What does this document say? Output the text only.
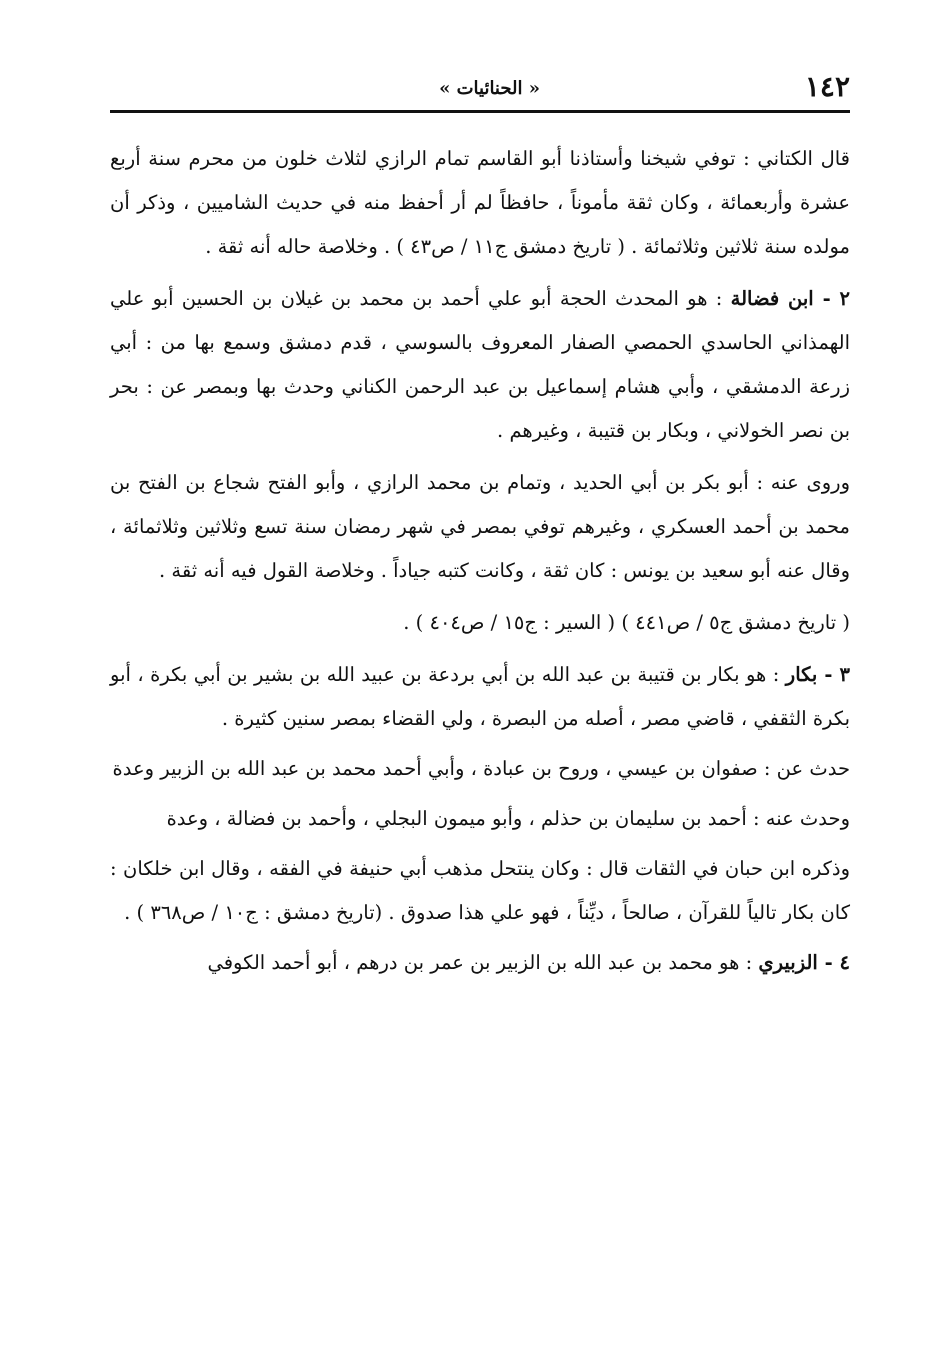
١٤٢
« الحنائيات »

قال الكتاني : توفي شيخنا وأستاذنا أبو القاسم تمام الرازي لثلاث خلون من محرم سنة أربع عشرة وأربعمائة ، وكان ثقة مأموناً ، حافظاً لم أر أحفظ منه في حديث الشاميين ، وذكر أن مولده سنة ثلاثين وثلاثمائة . ( تاريخ دمشق ج١١ / ص٤٣ ) . وخلاصة حاله أنه ثقة .

٢ - ابن فضالة : هو المحدث الحجة أبو علي أحمد بن محمد بن غيلان بن الحسين أبو علي الهمذاني الحاسدي الحمصي الصفار المعروف بالسوسي ، قدم دمشق وسمع بها من : أبي زرعة الدمشقي ، وأبي هشام إسماعيل بن عبد الرحمن الكناني وحدث بها وبمصر عن : بحر بن نصر الخولاني ، وبكار بن قتيبة ، وغيرهم .

وروى عنه : أبو بكر بن أبي الحديد ، وتمام بن محمد الرازي ، وأبو الفتح شجاع بن الفتح بن محمد بن أحمد العسكري ، وغيرهم توفي بمصر في شهر رمضان سنة تسع وثلاثين وثلاثمائة ، وقال عنه أبو سعيد بن يونس : كان ثقة ، وكانت كتبه جياداً . وخلاصة القول فيه أنه ثقة .

( تاريخ دمشق ج٥ / ص٤٤١ ) ( السير : ج١٥ / ص٤٠٤ ) .

٣ - بكار : هو بكار بن قتيبة بن عبد الله بن أبي بردعة بن عبيد الله بن بشير بن أبي بكرة ، أبو بكرة الثقفي ، قاضي مصر ، أصله من البصرة ، ولي القضاء بمصر سنين كثيرة .

حدث عن : صفوان بن عيسي ، وروح بن عبادة ، وأبي أحمد محمد بن عبد الله بن الزبير وعدة

وحدث عنه : أحمد بن سليمان بن حذلم ، وأبو ميمون البجلي ، وأحمد بن فضالة ، وعدة

وذكره ابن حبان في الثقات قال : وكان ينتحل مذهب أبي حنيفة في الفقه ، وقال ابن خلكان : كان بكار تالياً للقرآن ، صالحاً ، ديِّناً ، فهو علي هذا صدوق . (تاريخ دمشق : ج١٠ / ص٣٦٨ ) .

٤ - الزبيري : هو محمد بن عبد الله بن الزبير بن عمر بن درهم ، أبو أحمد الكوفي
